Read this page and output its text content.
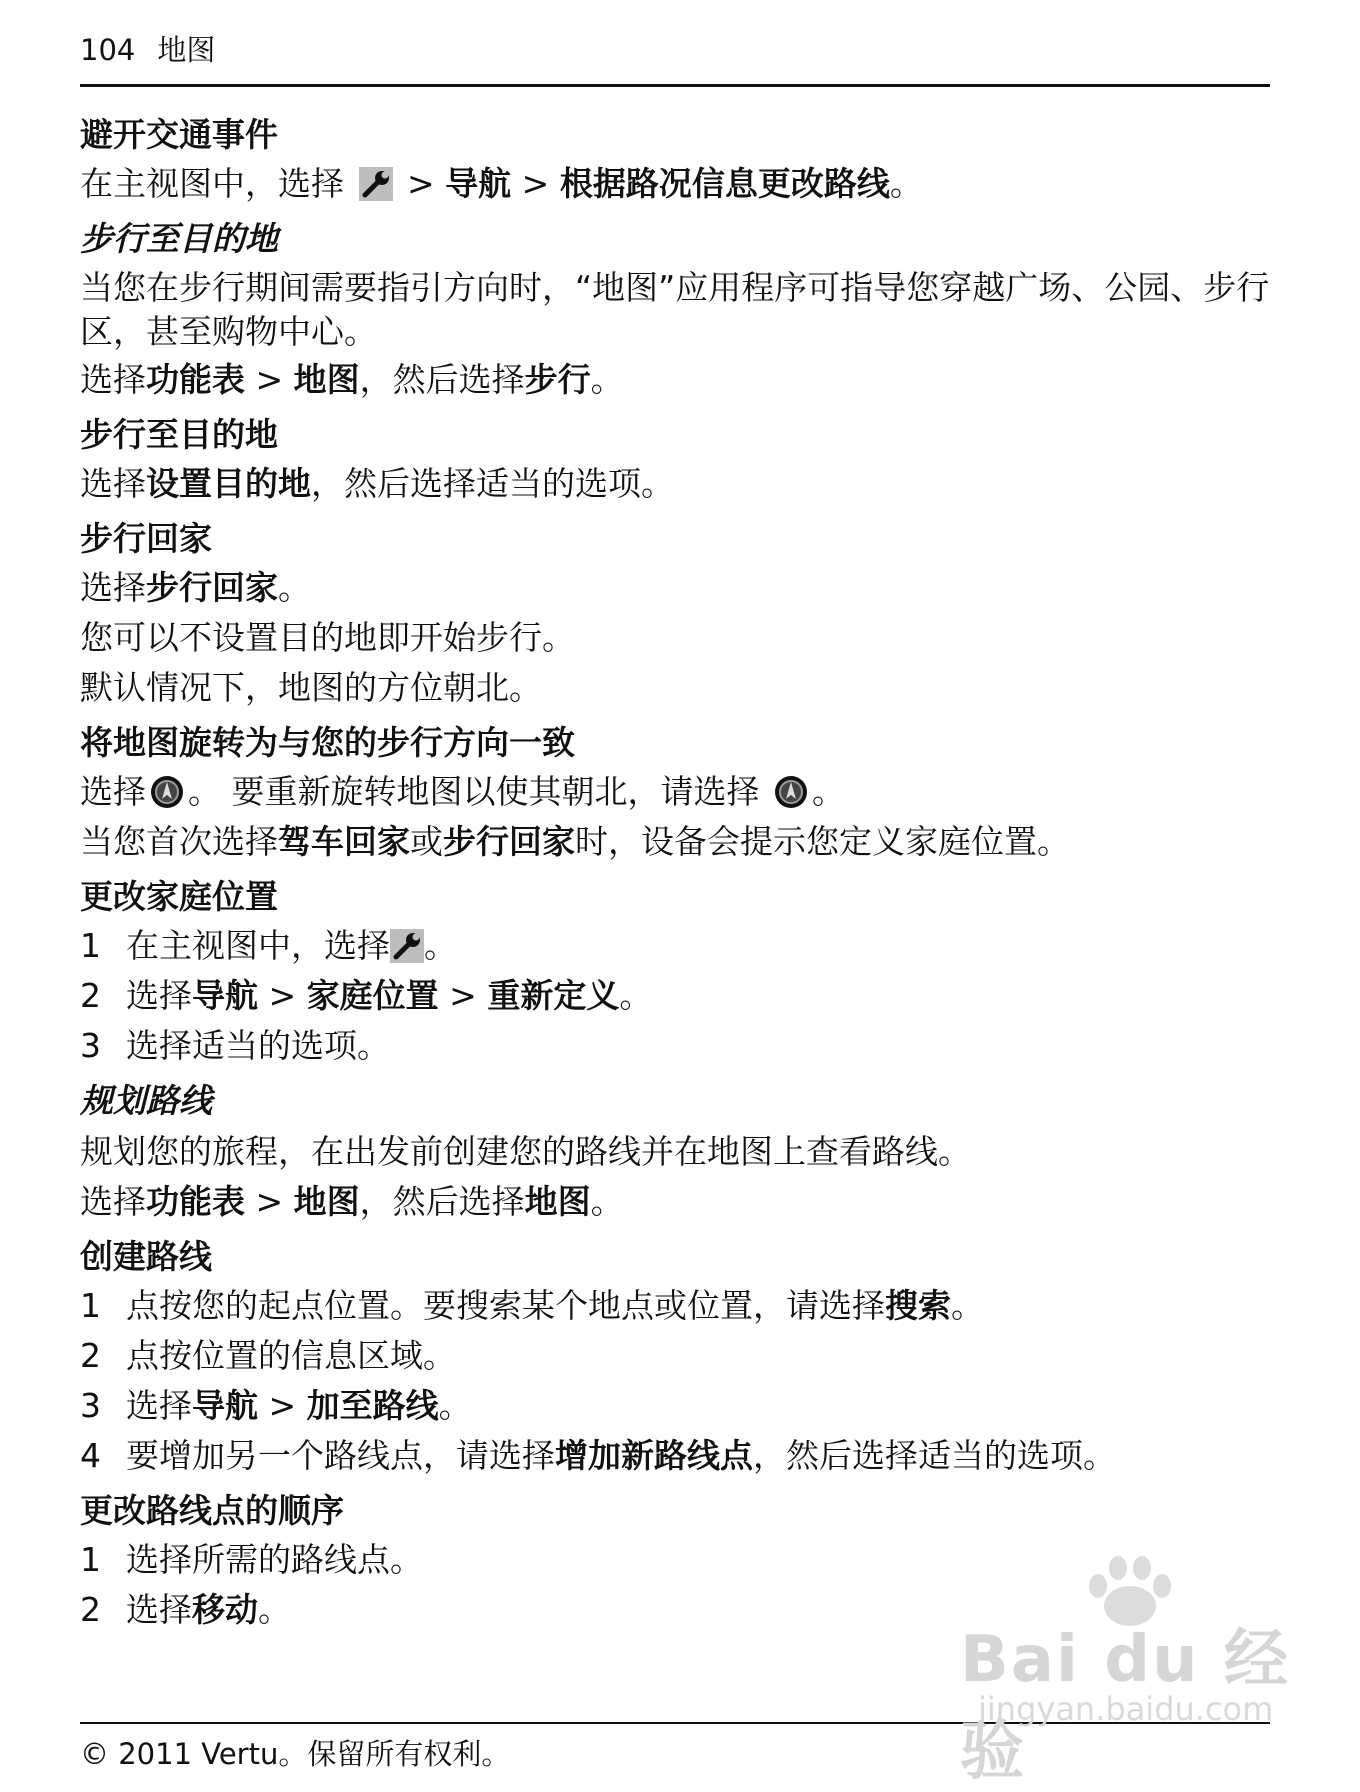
104 地图
避开交通事件
在主视图中，选择 > 导航 > 根据路况信息更改路线。
步行至目的地
当您在步行期间需要指引方向时，“地图”应用程序可指导您穿越广场、公园、步行区，甚至购物中心。
选择功能表 > 地图，然后选择步行。
步行至目的地
选择设置目的地，然后选择适当的选项。
步行回家
选择步行回家。
您可以不设置目的地即开始步行。
默认情况下，地图的方位朝北。
将地图旋转为与您的步行方向一致
选择 。 要重新旋转地图以使其朝北，请选择 。
当您首次选择驾车回家或步行回家时，设备会提示您定义家庭位置。
更改家庭位置
1 在主视图中，选择 。
2 选择导航 > 家庭位置 > 重新定义。
3 选择适当的选项。
规划路线
规划您的旅程，在出发前创建您的路线并在地图上查看路线。
选择功能表 > 地图，然后选择地图。
创建路线
1 点按您的起点位置。要搜索某个地点或位置，请选择搜索。
2 点按位置的信息区域。
3 选择导航 > 加至路线。
4 要增加另一个路线点，请选择增加新路线点，然后选择适当的选项。
更改路线点的顺序
1 选择所需的路线点。
2 选择移动。
© 2011 Vertu。保留所有权利。
Bai du 经验
jingyan.baidu.com
